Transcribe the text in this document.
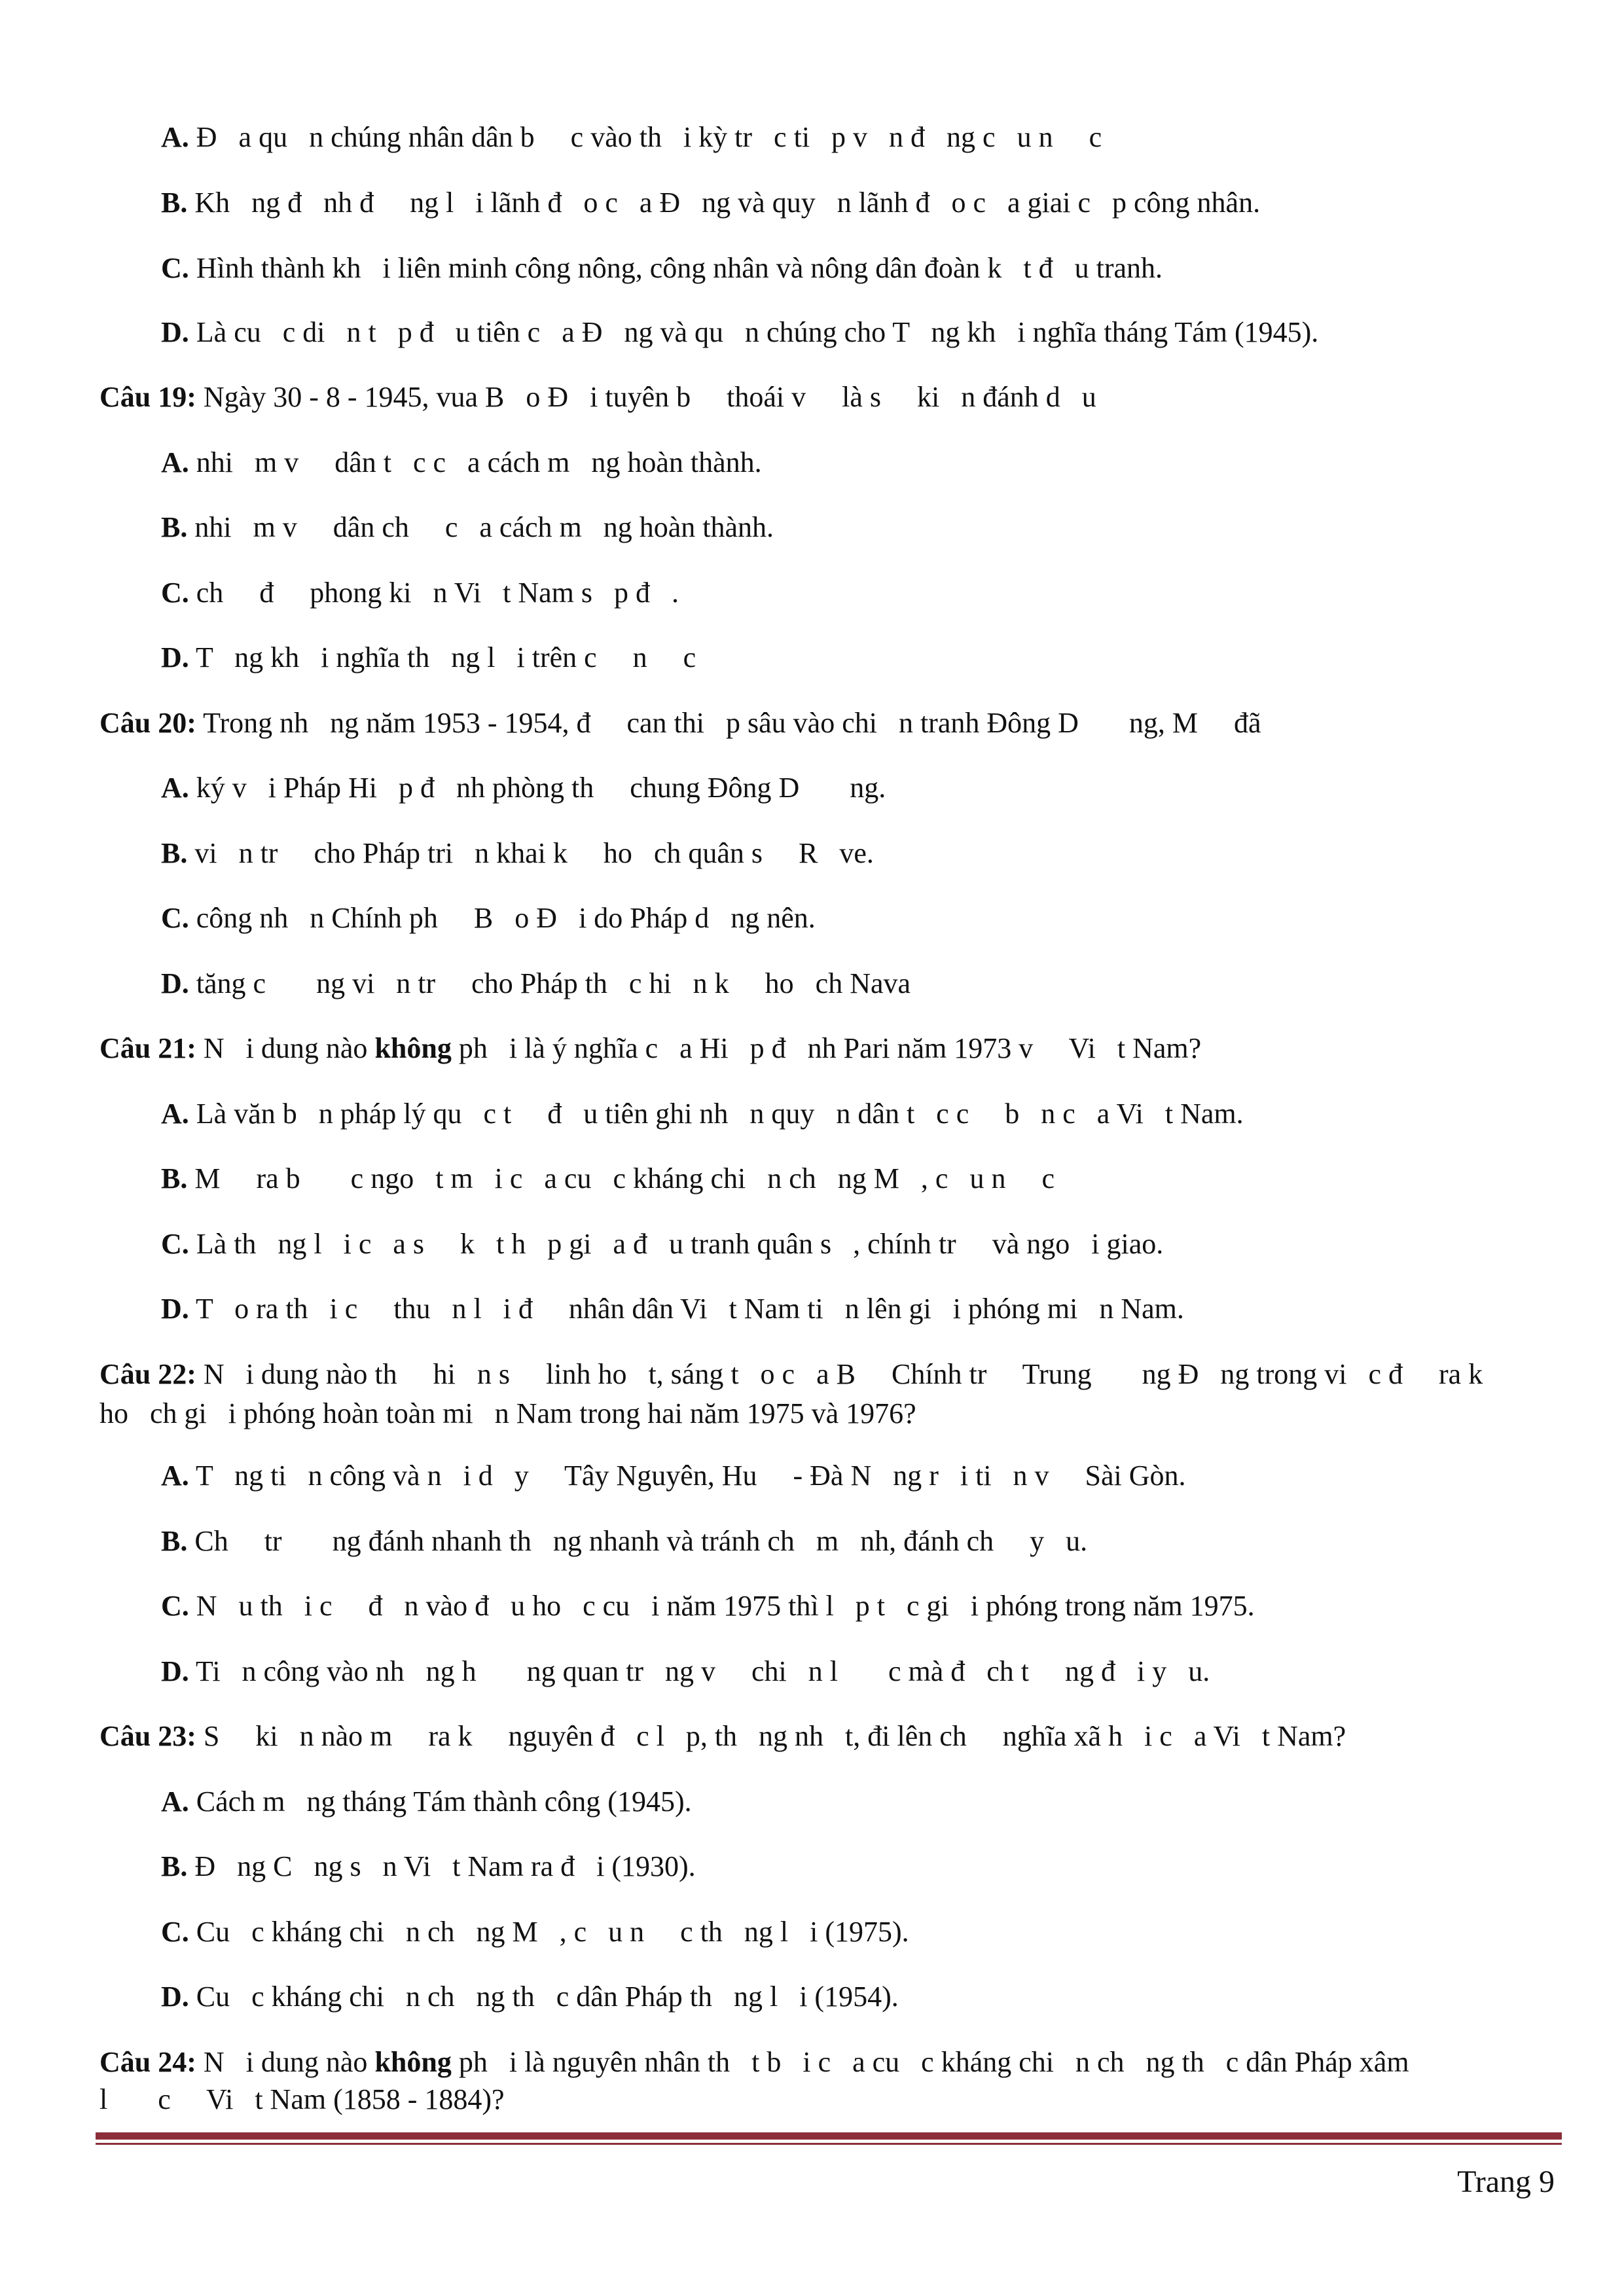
A. Đ   a qu   n chúng nhân dân b     c vào th   i kỳ tr   c ti   p v   n đ   ng c   u n     c

B. Kh   ng đ   nh đ     ng l   i lãnh đ   o c   a Đ   ng và quy   n lãnh đ   o c   a giai c   p công nhân.

C. Hình thành kh   i liên minh công nông, công nhân và nông dân đoàn k   t đ   u tranh.

D. Là cu   c di   n t   p đ   u tiên c   a Đ   ng và qu   n chúng cho T   ng kh   i nghĩa tháng Tám (1945).

Câu 19: Ngày 30 - 8 - 1945, vua B   o Đ   i tuyên b     thoái v     là s     ki   n đánh d   u

A. nhi   m v     dân t   c c   a cách m   ng hoàn thành.

B. nhi   m v     dân ch     c   a cách m   ng hoàn thành.

C. ch     đ     phong ki   n Vi   t Nam s   p đ   .

D. T   ng kh   i nghĩa th   ng l   i trên c     n     c

Câu 20: Trong nh   ng năm 1953 - 1954, đ     can thi   p sâu vào chi   n tranh Đông D       ng, M     đã

A. ký v   i Pháp Hi   p đ   nh phòng th     chung Đông D       ng.

B. vi   n tr     cho Pháp tri   n khai k     ho   ch quân s     R   ve.

C. công nh   n Chính ph     B   o Đ   i do Pháp d   ng nên.

D. tăng c       ng vi   n tr     cho Pháp th   c hi   n k     ho   ch Nava

Câu 21: N   i dung nào không ph   i là ý nghĩa c   a Hi   p đ   nh Pari năm 1973 v     Vi   t Nam?

A. Là văn b   n pháp lý qu   c t     đ   u tiên ghi nh   n quy   n dân t   c c     b   n c   a Vi   t Nam.

B. M     ra b       c ngo   t m   i c   a cu   c kháng chi   n ch   ng M   , c   u n     c

C. Là th   ng l   i c   a s     k   t h   p gi   a đ   u tranh quân s   , chính tr     và ngo   i giao.

D. T   o ra th   i c     thu   n l   i đ     nhân dân Vi   t Nam ti   n lên gi   i phóng mi   n Nam.

Câu 22: N   i dung nào th     hi   n s     linh ho   t, sáng t   o c   a B     Chính tr     Trung       ng Đ   ng trong vi   c đ     ra k

ho   ch gi   i phóng hoàn toàn mi   n Nam trong hai năm 1975 và 1976?

A. T   ng ti   n công và n   i d   y     Tây Nguyên, Hu     - Đà N   ng r   i ti   n v     Sài Gòn.

B. Ch     tr       ng đánh nhanh th   ng nhanh và tránh ch   m   nh, đánh ch     y   u.

C. N   u th   i c     đ   n vào đ   u ho   c cu   i năm 1975 thì l   p t   c gi   i phóng trong năm 1975.

D. Ti   n công vào nh   ng h       ng quan tr   ng v     chi   n l       c mà đ   ch t     ng đ   i y   u.

Câu 23: S     ki   n nào m     ra k     nguyên đ   c l   p, th   ng nh   t, đi lên ch     nghĩa xã h   i c   a Vi   t Nam?

A. Cách m   ng tháng Tám thành công (1945).

B. Đ   ng C   ng s   n Vi   t Nam ra đ   i (1930).

C. Cu   c kháng chi   n ch   ng M   , c   u n     c th   ng l   i (1975).

D. Cu   c kháng chi   n ch   ng th   c dân Pháp th   ng l   i (1954).

Câu 24: N   i dung nào không ph   i là nguyên nhân th   t b   i c   a cu   c kháng chi   n ch   ng th   c dân Pháp xâm

l       c     Vi   t Nam (1858 - 1884)?

Trang 9
